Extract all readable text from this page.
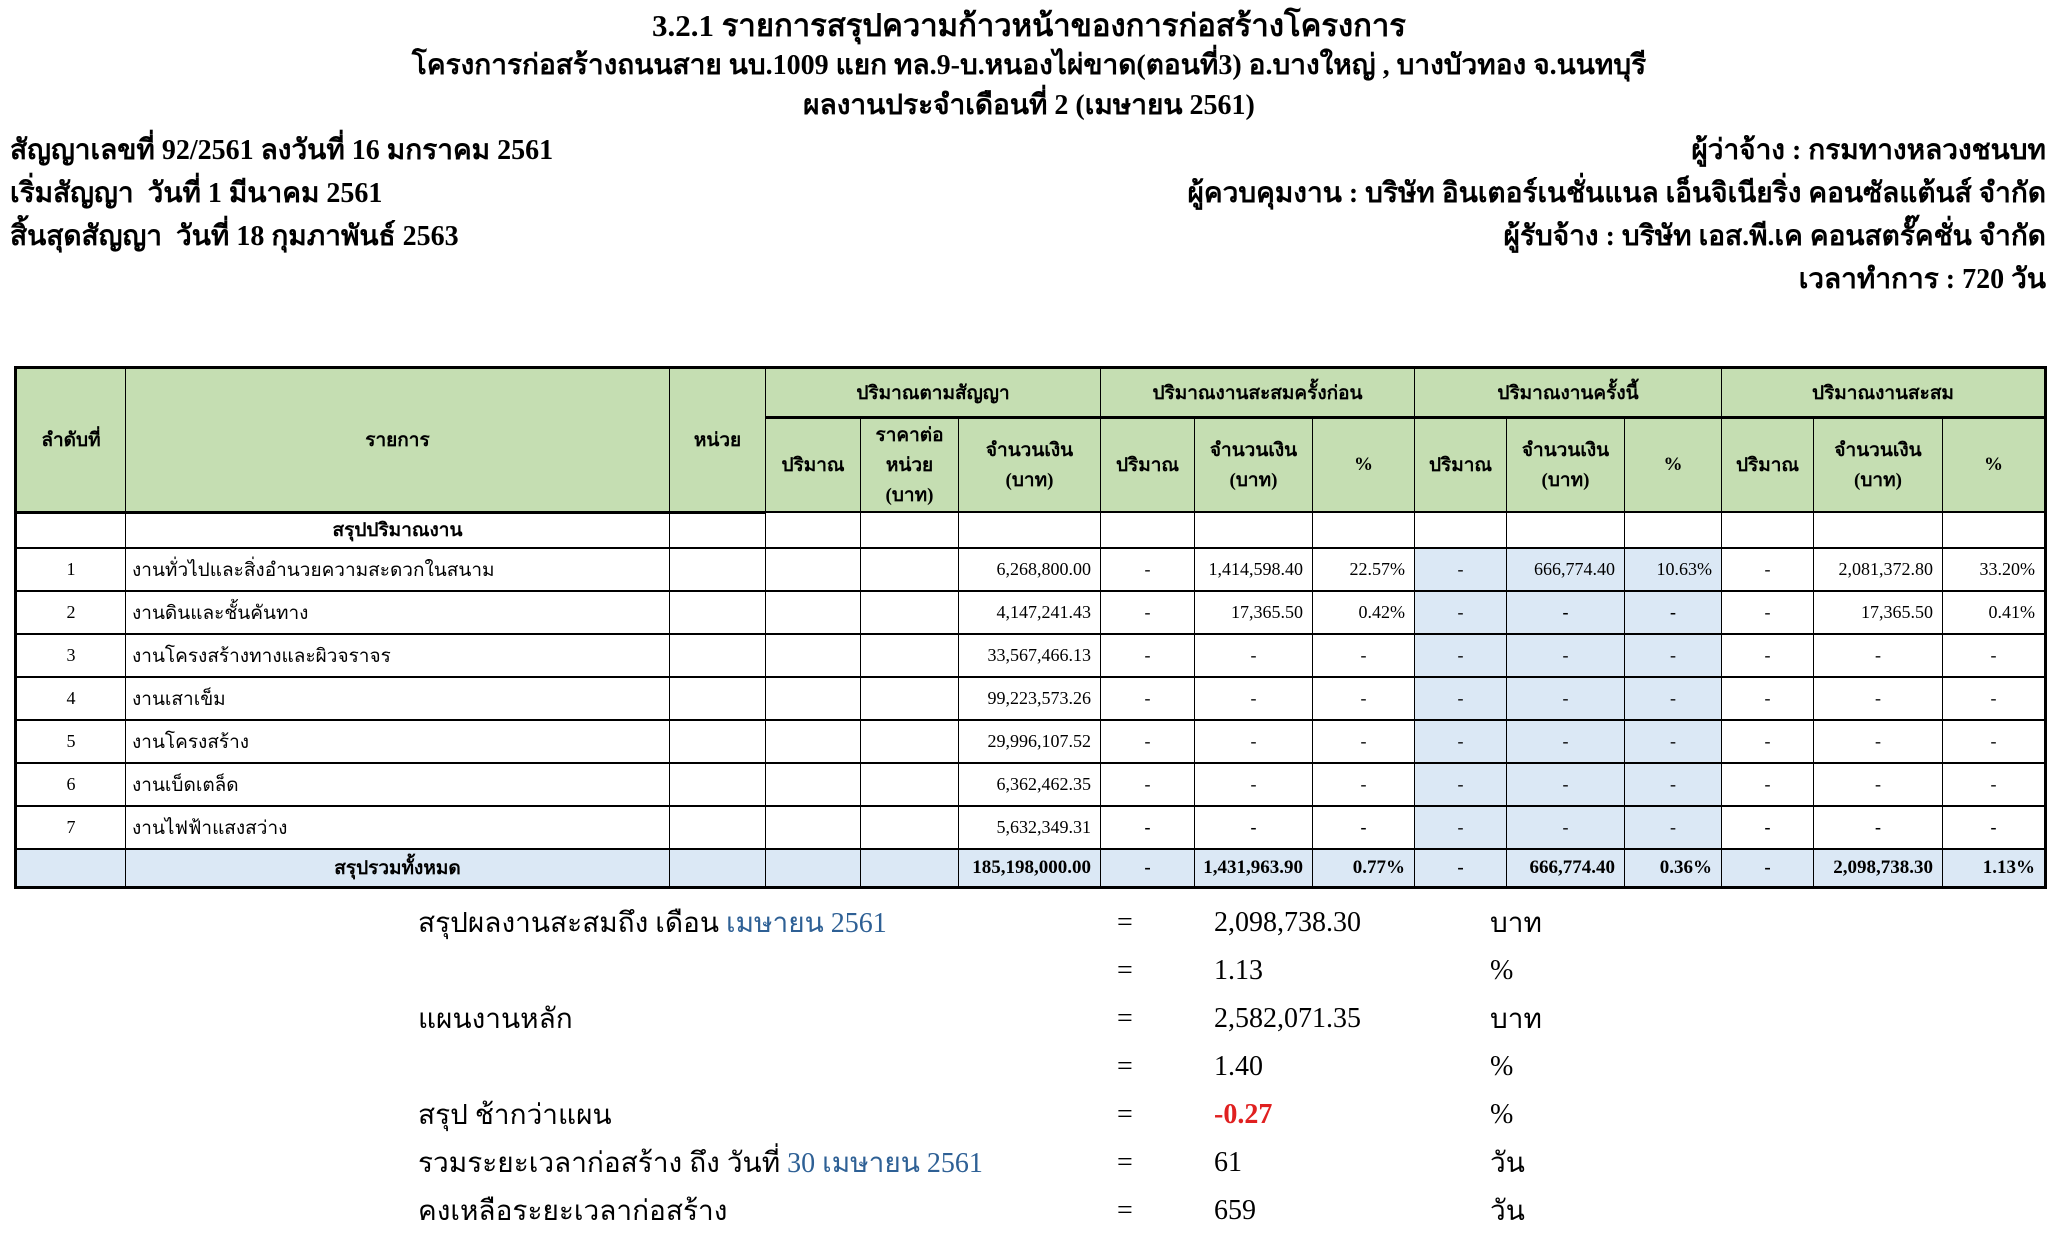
3.2.1 รายการสรุปความก้าวหน้าของการก่อสร้างโครงการ
โครงการก่อสร้างถนนสาย นบ.1009 แยก ทล.9-บ.หนองไผ่ขาด(ตอนที่3) อ.บางใหญ่ , บางบัวทอง จ.นนทบุรี
ผลงานประจำเดือนที่ 2 (เมษายน 2561)
สัญญาเลขที่ 92/2561 ลงวันที่ 16 มกราคม 2561	ผู้ว่าจ้าง : กรมทางหลวงชนบท
เริ่มสัญญา  วันที่ 1 มีนาคม 2561	ผู้ควบคุมงาน : บริษัท อินเตอร์เนชั่นแนล เอ็นจิเนียริ่ง คอนซัลแต้นส์ จำกัด
สิ้นสุดสัญญา  วันที่ 18 กุมภาพันธ์ 2563	ผู้รับจ้าง : บริษัท เอส.พี.เค คอนสตรั๊คชั่น จำกัด
เวลาทำการ : 720 วัน
ลำดับที่	รายการ	หน่วย	ปริมาณตามสัญญา			ปริมาณงานสะสมครั้งก่อน			ปริมาณงานครั้งนี้			ปริมาณงานสะสม		
			ปริมาณ	ราคาต่อ หน่วย (บาท)	จำนวนเงิน (บาท)	ปริมาณ	จำนวนเงิน (บาท)	%	ปริมาณ	จำนวนเงิน (บาท)	%	ปริมาณ	จำนวนเงิน (บาท)	%
	สรุปปริมาณงาน													
1	งานทั่วไปและสิ่งอำนวยความสะดวกในสนาม				6,268,800.00	-	1,414,598.40	22.57%	-	666,774.40	10.63%	-	2,081,372.80	33.20%
2	งานดินและชั้นคันทาง				4,147,241.43	-	17,365.50	0.42%	-	-	-	-	17,365.50	0.41%
3	งานโครงสร้างทางและผิวจราจร				33,567,466.13	-	-	-	-	-	-	-	-	-
4	งานเสาเข็ม				99,223,573.26	-	-	-	-	-	-	-	-	-
5	งานโครงสร้าง				29,996,107.52	-	-	-	-	-	-	-	-	-
6	งานเบ็ดเตล็ด				6,362,462.35	-	-	-	-	-	-	-	-	-
7	งานไฟฟ้าแสงสว่าง				5,632,349.31	-	-	-	-	-	-	-	-	-
	สรุปรวมทั้งหมด				185,198,000.00	-	1,431,963.90	0.77%	-	666,774.40	0.36%	-	2,098,738.30	1.13%
สรุปผลงานสะสมถึง เดือน เมษายน 2561	=	2,098,738.30	บาท
=	1.13	%
แผนงานหลัก	=	2,582,071.35	บาท
=	1.40	%
สรุป ช้ากว่าแผน	=	-0.27	%
รวมระยะเวลาก่อสร้าง ถึง วันที่ 30 เมษายน 2561	=	61	วัน
คงเหลือระยะเวลาก่อสร้าง	=	659	วัน
